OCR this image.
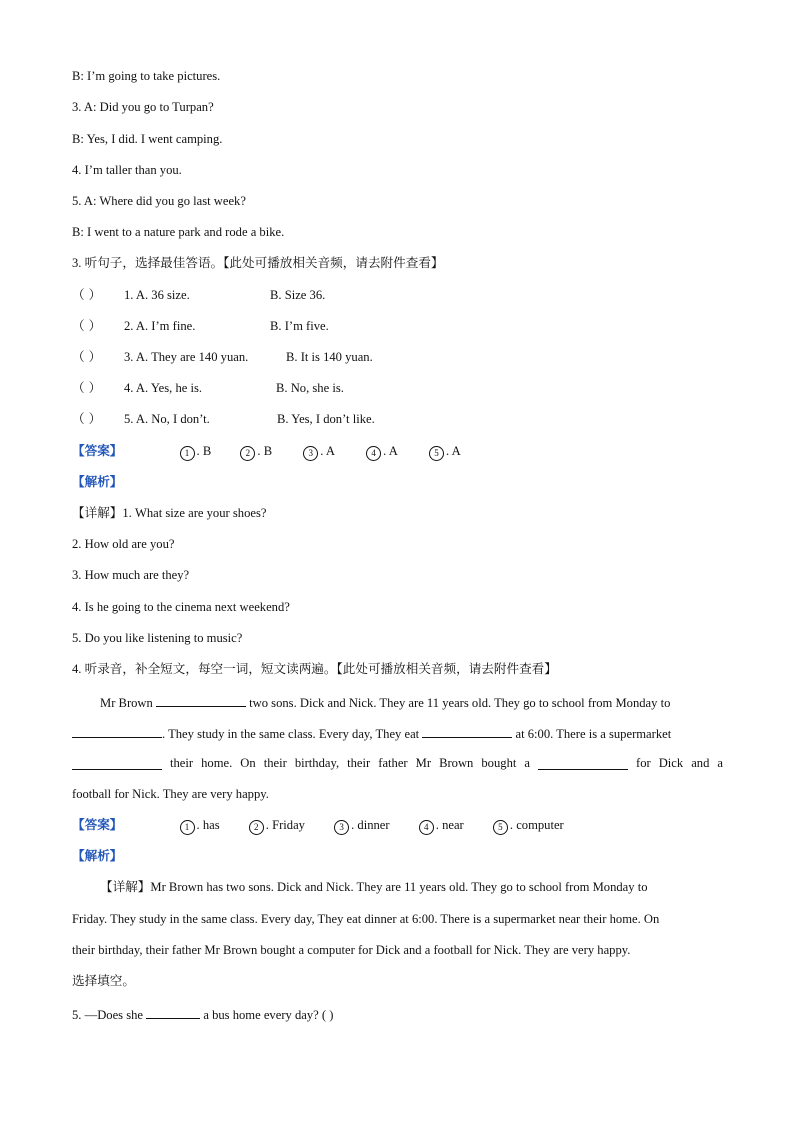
B: I’m going to take pictures.
3. A: Did you go to Turpan?
B: Yes, I did. I went camping.
4. I’m taller than you.
5. A: Where did you go last week?
B: I went to a nature park and rode a bike.
3. 听句子，选择最佳答语。【此处可播放相关音频，请去附件查看】
（ ） 1. A. 36 size.	B. Size 36.
（ ） 2. A. I’m fine.	B. I’m five.
（ ） 3. A. They are 140 yuan.	B. It is 140 yuan.
（ ） 4. A. Yes, he is.	B. No, she is.
（ ） 5. A. No, I don’t.	B. Yes, I don’t like.
【答案】	1 . B	2 . B	3 . A	4 . A	5 . A
【解析】
【详解】1. What size are your shoes?
2. How old are you?
3. How much are they?
4. Is he going to the cinema next weekend?
5. Do you like listening to music?
4. 听录音，补全短文，每空一词，短文读两遍。【此处可播放相关音频，请去附件查看】
Mr Brown	two sons. Dick and Nick. They are 11 years old. They go to school from Monday to
. They study in the same class. Every day, They eat	at 6:00. There is a supermarket
their home. On their birthday, their father Mr Brown bought a	for Dick and a
football for Nick. They are very happy.
【答案】	1 . has	2 . Friday	3 . dinner	4 . near	5 . computer
【解析】
【详解】Mr Brown has two sons. Dick and Nick. They are 11 years old. They go to school from Monday to
Friday. They study in the same class. Every day, They eat dinner at 6:00. There is a supermarket near their home. On
their birthday, their father Mr Brown bought a computer for Dick and a football for Nick. They are very happy.
选择填空。
5. —Does she	a bus home every day? ( )
